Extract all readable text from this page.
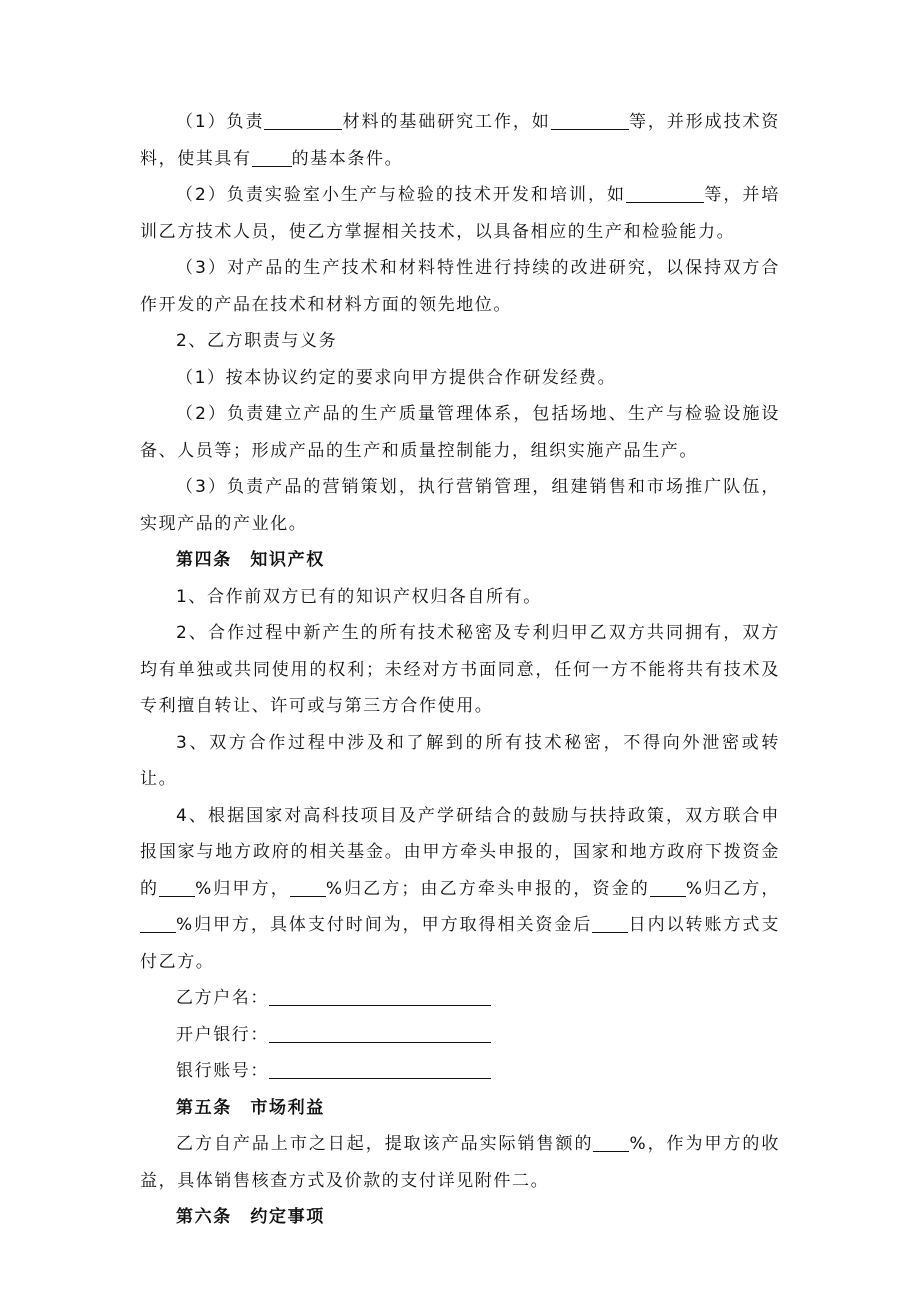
（1）负责	材料的基础研究工作，如	等，并形成技术资料，使其具有 的基本条件。

（2）负责实验室小生产与检验的技术开发和培训，如	等，并培训乙方技术人员，使乙方掌握相关技术，以具备相应的生产和检验能力。

（3）对产品的生产技术和材料特性进行持续的改进研究，以保持双方合作开发的产品在技术和材料方面的领先地位。

2、乙方职责与义务

（1）按本协议约定的要求向甲方提供合作研发经费。

（2）负责建立产品的生产质量管理体系，包括场地、生产与检验设施设备、人员等；形成产品的生产和质量控制能力，组织实施产品生产。

（3）负责产品的营销策划，执行营销管理，组建销售和市场推广队伍，实现产品的产业化。

第四条　知识产权

1、合作前双方已有的知识产权归各自所有。

2、合作过程中新产生的所有技术秘密及专利归甲乙双方共同拥有，双方均有单独或共同使用的权利；未经对方书面同意，任何一方不能将共有技术及专利擅自转让、许可或与第三方合作使用。

3、双方合作过程中涉及和了解到的所有技术秘密，不得向外泄密或转让。

4、根据国家对高科技项目及产学研结合的鼓励与扶持政策，双方联合申报国家与地方政府的相关基金。由甲方牵头申报的，国家和地方政府下拨资金的 %归甲方， %归乙方；由乙方牵头申报的，资金的 %归乙方，%归甲方，具体支付时间为，甲方取得相关资金后 日内以转账方式支付乙方。

乙方户名：

开户银行：

银行账号：

第五条　市场利益

乙方自产品上市之日起，提取该产品实际销售额的 %，作为甲方的收益，具体销售核查方式及价款的支付详见附件二。

第六条　约定事项
